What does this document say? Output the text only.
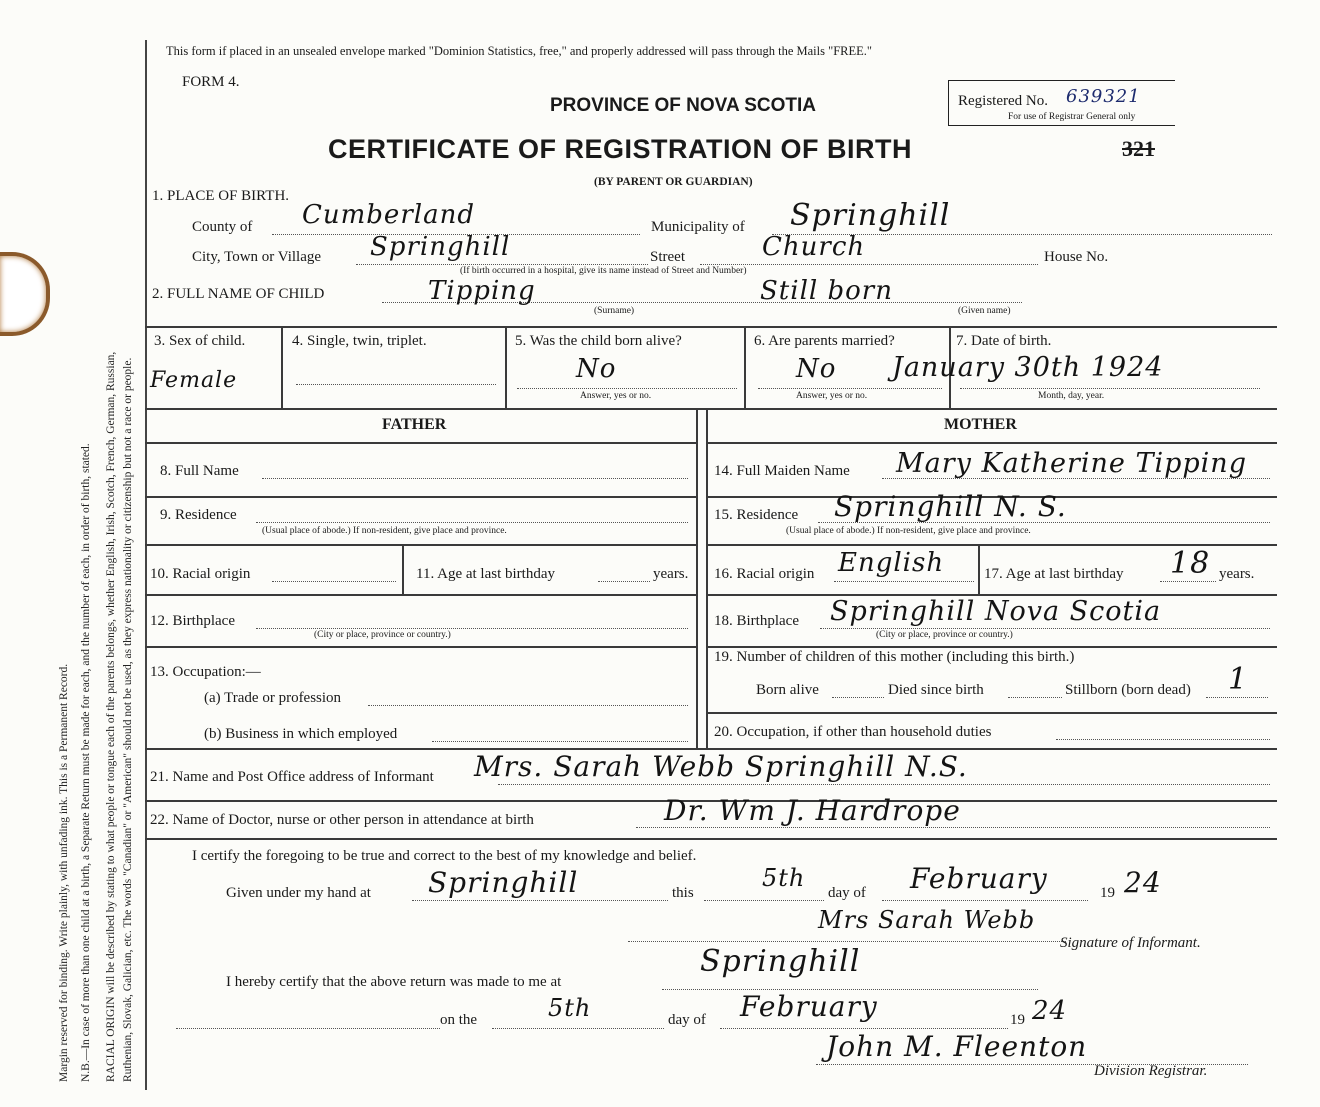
Margin reserved for binding. Write plainly, with unfading ink. This is a Permanent Record. N.B.—In case of more than one child at a birth, a Separate Return must be made for each, and the number of each, in order of birth, stated. RACIAL ORIGIN will be described by stating to what people or tongue each of the parents belongs, whether English, Irish, Scotch, French, German, Russian, Ruthenian, Slovak, Galician, etc. The words "Canadian" or "American" should not be used, as they express nationality or citizenship but not a race or people.
This form if placed in an unsealed envelope marked "Dominion Statistics, free," and properly addressed will pass through the Mails "FREE."
FORM 4.
PROVINCE OF NOVA SCOTIA
CERTIFICATE OF REGISTRATION OF BIRTH
(BY PARENT OR GUARDIAN)
Registered No. 639321
For use of Registrar General only
321
1. PLACE OF BIRTH.
County of Cumberland	Municipality of Springhill
City, Town or Village Springhill	Street	Church	House No.
(If birth occurred in a hospital, give its name instead of Street and Number)
2. FULL NAME OF CHILD	Tipping
(Surname)
Still born
(Given name)
3. Sex of child.
Female
4. Single, twin, triplet.	5. Was the child born alive?
No
Answer, yes or no.
6. Are parents married?
No
Answer, yes or no.
7. Date of birth.
January 30th 1924
Month, day, year.
FATHER	MOTHER
8. Full Name	14. Full Maiden Name Mary Katherine Tipping
9. Residence
(Usual place of abode.) If non-resident, give place and province.
15. Residence Springhill N. S.
(Usual place of abode.) If non-resident, give place and province.
10. Racial origin	11. Age at last birthday	years. 16. Racial origin English	17. Age at last birthday 18 years.
12. Birthplace
(City or place, province or country.)
18. Birthplace Springhill Nova Scotia
(City or place, province or country.)
13. Occupation:—
(a) Trade or profession
(b) Business in which employed
19. Number of children of this mother (including this birth.)
Born alive	Died since birth	Stillborn (born dead) 1
20. Occupation, if other than household duties
21. Name and Post Office address of Informant Mrs. Sarah Webb Springhill N.S.
22. Name of Doctor, nurse or other person in attendance at birth	Dr. Wm J. Hardrope
I certify the foregoing to be true and correct to the best of my knowledge and belief.
Given under my hand at Springhill	this
5th
day of February	19 24
Mrs Sarah Webb
Signature of Informant.
I hereby certify that the above return was made to me at
Springhill
on the	5th	day of February	19 24
John M. Fleenton
Division Registrar.
